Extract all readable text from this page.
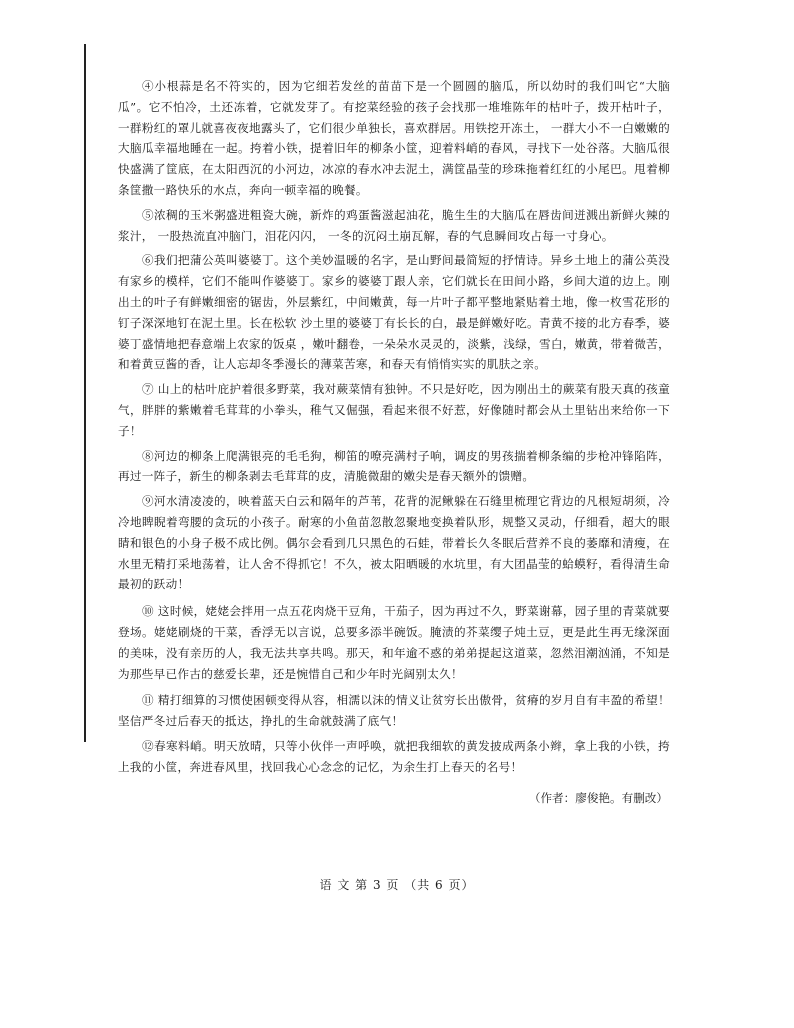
④小根蒜是名不符实的，因为它细若发丝的苗苗下是一个圆圆的脑瓜，所以幼时的我们叫它“大脑瓜”。它不怕冷，土还冻着，它就发芽了。有挖菜经验的孩子会找那一堆堆陈年的枯叶子，拨开枯叶子， 一群粉红的罩儿就喜夜夜地露头了，它们很少单独长，喜欢群居。用铁挖开冻土， 一群大小不一白嫩嫩的大脑瓜幸福地睡在一起。挎着小铁，提着旧年的柳条小筐，迎着料峭的春风，寻找下一处谷落。大脑瓜很快盛满了筐底，在太阳西沉的小河边，冰凉的春水冲去泥土，满筐晶莹的珍珠拖着红红的小尾巴。甩着柳条筐撒一路快乐的水点，奔向一顿幸福的晚餐。

⑤浓稠的玉米粥盛进粗瓷大碗，新炸的鸡蛋酱滋起油花，脆生生的大脑瓜在唇齿间迸溅出新鲜火辣的浆汁， 一股热流直冲脑门，泪花闪闪， 一冬的沉闷土崩瓦解，春的气息瞬间攻占每一寸身心。

⑥我们把蒲公英叫婆婆丁。这个美妙温暖的名字，是山野间最简短的抒情诗。异乡土地上的蒲公英没有家乡的模样，它们不能叫作婆婆丁。家乡的婆婆丁跟人亲，它们就长在田间小路，乡间大道的边上。刚出土的叶子有鲜嫩细密的锯齿，外层紫红，中间嫩黄，每一片叶子都平整地紧贴着土地，像一枚雪花形的钉子深深地钉在泥土里。长在松软 沙土里的婆婆丁有长长的白，最是鲜嫩好吃。青黄不接的北方春季，婆婆丁盛情地把春意端上农家的饭桌 ，嫩叶翻卷，一朵朵水灵灵的，淡紫，浅绿，雪白，嫩黄，带着微苦，和着黄豆酱的香，让人忘却冬季漫长的薄菜苦寒，和春天有悄悄实实的肌肤之亲。

⑦ 山上的枯叶庇护着很多野菜，我对蕨菜情有独钟。不只是好吃，因为刚出土的蕨菜有股天真的孩童气，胖胖的紫嫩着毛茸茸的小拳头，稚气又倔强，看起来很不好惹，好像随时都会从土里钻出来给你一下子！

⑧河边的柳条上爬满银亮的毛毛狗，柳笛的嘹亮满村子响，调皮的男孩揣着柳条编的步枪冲锋陷阵，再过一阵子，新生的柳条剥去毛茸茸的皮，清脆微甜的嫩尖是春天额外的馈赠。

⑨河水清凌凌的，映着蓝天白云和隔年的芦苇，花背的泥鳅躲在石缝里梳理它背边的凡根短胡须，冷冷地睥睨着弯腰的贪玩的小孩子。耐寒的小鱼苗忽散忽聚地变换着队形，规整又灵动，仔细看，超大的眼睛和银色的小身子极不成比例。偶尔会看到几只黑色的石蛙，带着长久冬眠后营养不良的萎靡和清瘦，在水里无精打采地荡着，让人舍不得抓它！不久，被太阳晒暖的水坑里，有大团晶莹的蛤蟆籽，看得清生命最初的跃动！

⑩ 这时候，姥姥会拌用一点五花肉烧干豆角，干茄子，因为再过不久，野菜谢幕，园子里的青菜就要登场。姥姥刷烧的干菜，香浮无以言说，总要多添半碗饭。腌渍的芥菜缨子炖土豆，更是此生再无缘深面的美味，没有亲历的人，我无法共享共鸣。那天，和年逾不惑的弟弟提起这道菜，忽然泪潮汹涌，不知是为那些早已作古的慈爱长辈，还是惋惜自己和少年时光阔别太久！

⑪ 精打细算的习惯使困顿变得从容，相濡以沫的情义让贫穷长出傲骨，贫瘠的岁月自有丰盈的希望！坚信严冬过后春天的抵达，挣扎的生命就鼓满了底气！

⑫春寒料峭。明天放晴，只等小伙伴一声呼唤，就把我细软的黄发披成两条小辫，拿上我的小铁，挎上我的小筐，奔进春风里，找回我心心念念的记忆，为余生打上春天的名号！

（作者：廖俊艳。有删改）
语 文 第 3 页 （共 6 页）
